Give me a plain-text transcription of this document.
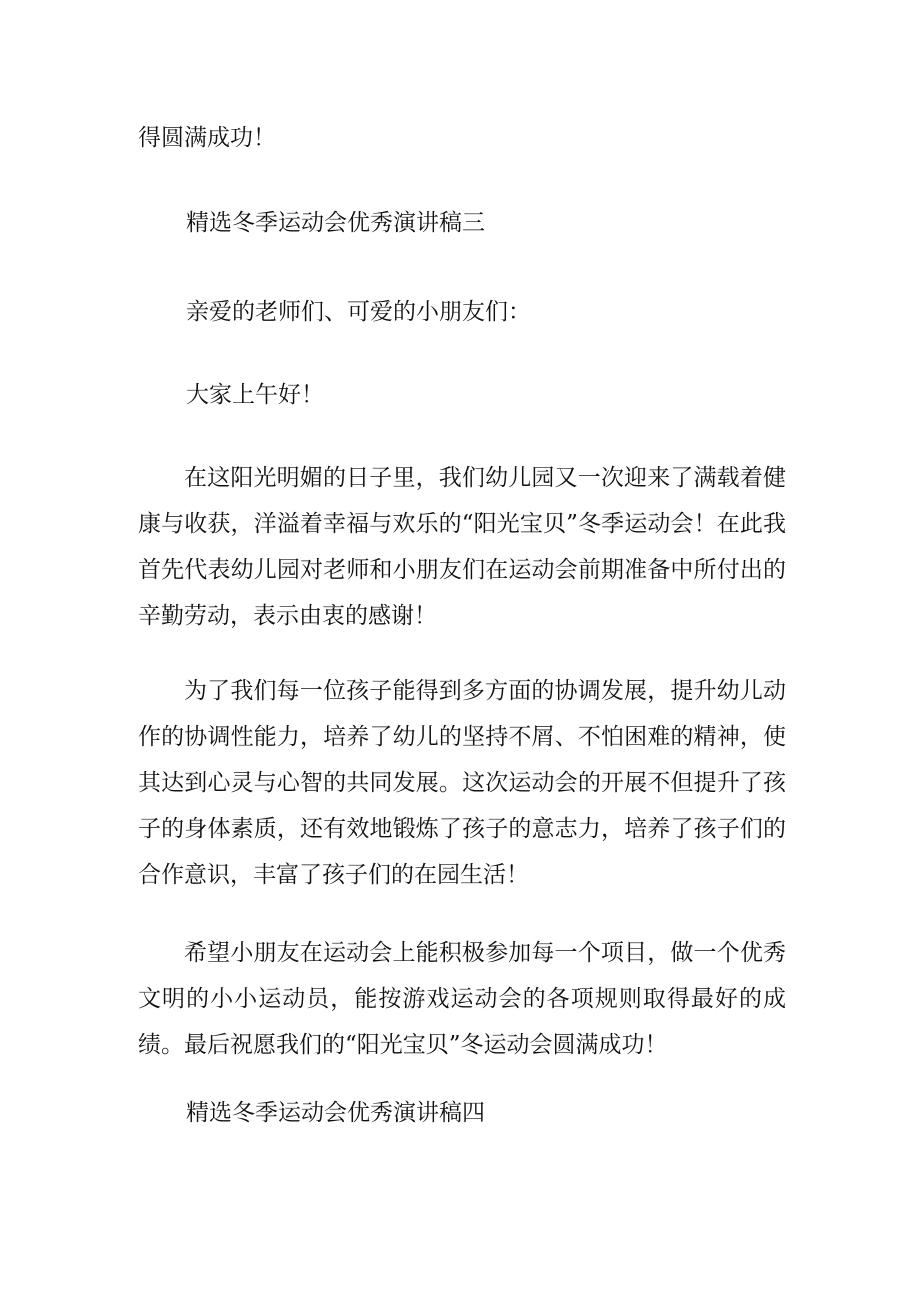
得圆满成功！

精选冬季运动会优秀演讲稿三

亲爱的老师们、可爱的小朋友们：

大家上午好！

在这阳光明媚的日子里，我们幼儿园又一次迎来了满载着健康与收获，洋溢着幸福与欢乐的“阳光宝贝”冬季运动会！在此我首先代表幼儿园对老师和小朋友们在运动会前期准备中所付出的辛勤劳动，表示由衷的感谢！

为了我们每一位孩子能得到多方面的协调发展，提升幼儿动作的协调性能力，培养了幼儿的坚持不屑、不怕困难的精神，使其达到心灵与心智的共同发展。这次运动会的开展不但提升了孩子的身体素质，还有效地锻炼了孩子的意志力，培养了孩子们的合作意识，丰富了孩子们的在园生活！

希望小朋友在运动会上能积极参加每一个项目，做一个优秀文明的小小运动员，能按游戏运动会的各项规则取得最好的成绩。最后祝愿我们的“阳光宝贝”冬运动会圆满成功！

精选冬季运动会优秀演讲稿四
